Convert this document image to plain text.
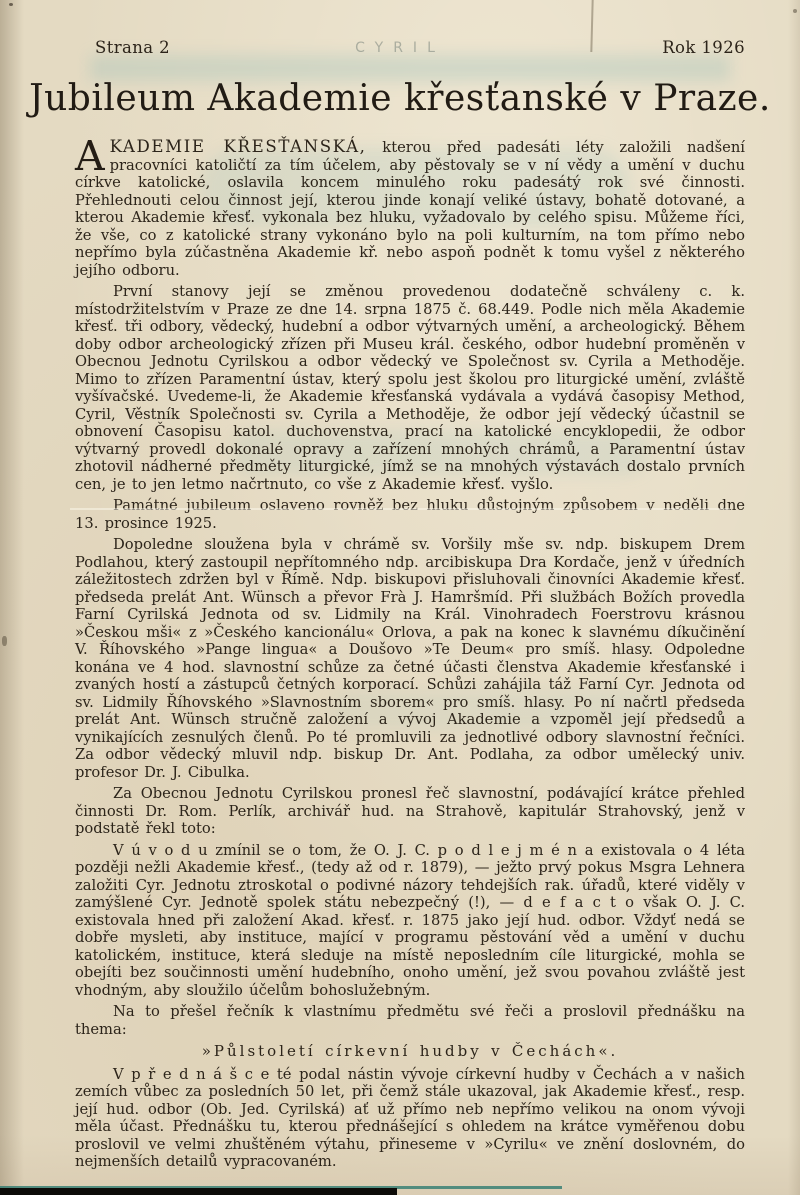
Strana 2	CYRIL	Rok 1926
Jubileum Akademie křesťanské v Praze.

AKADEMIE KŘESŤANSKÁ, kterou před padesáti léty založili nadšení pracovníci katoličtí za tím účelem, aby pěstovaly se v ní vědy a umění v duchu církve katolické, oslavila koncem minulého roku padesátý rok své činnosti. Přehlednouti celou činnost její, kterou jinde konají veliké ústavy, bohatě dotované, a kterou Akademie křesť. vykonala bez hluku, vyžadovalo by celého spisu. Můžeme říci, že vše, co z katolické strany vykonáno bylo na poli kulturním, na tom přímo nebo nepřímo byla zúčastněna Akademie kř. nebo aspoň podnět k tomu vyšel z některého jejího odboru.

První stanovy její se změnou provedenou dodatečně schváleny c. k. místodržitelstvím v Praze ze dne 14. srpna 1875 č. 68.449. Podle nich měla Akademie křesť. tři odbory, vědecký, hudební a odbor výtvarných umění, a archeologický. Během doby odbor archeologický zřízen při Museu král. českého, odbor hudební proměněn v Obecnou Jednotu Cyrilskou a odbor vědecký ve Společnost sv. Cyrila a Methoděje. Mimo to zřízen Paramentní ústav, který spolu jest školou pro liturgické umění, zvláště vyšívačské. Uvedeme-li, že Akademie křesťanská vydávala a vydává časopisy Method, Cyril, Věstník Společnosti sv. Cyrila a Methoděje, že odbor její vědecký účastnil se obnovení Časopisu katol. duchovenstva, prací na katolické encyklopedii, že odbor výtvarný provedl dokonalé opravy a zařízení mnohých chrámů, a Paramentní ústav zhotovil nádherné předměty liturgické, jímž se na mnohých výstavách dostalo prvních cen, je to jen letmo načrtnuto, co vše z Akademie křesť. vyšlo.

Památné jubileum oslaveno rovněž bez hluku důstojným způsobem v neděli dne 13. prosince 1925.

Dopoledne sloužena byla v chrámě sv. Voršily mše sv. ndp. biskupem Drem Podlahou, který zastoupil nepřítomného ndp. arcibiskupa Dra Kordače, jenž v úředních záležitostech zdržen byl v Římě. Ndp. biskupovi přisluhovali činovníci Akademie křesť. předseda prelát Ant. Wünsch a převor Frà J. Hamršmíd. Při službách Božích provedla Farní Cyrilská Jednota od sv. Lidmily na Král. Vinohradech Foerstrovu krásnou »Českou mši« z »Českého kancionálu« Orlova, a pak na konec k slavnému díkučinění V. Říhovského »Pange lingua« a Doušovo »Te Deum« pro smíš. hlasy. Odpoledne konána ve 4 hod. slavnostní schůze za četné účasti členstva Akademie křesťanské i zvaných hostí a zástupců četných korporací. Schůzi zahájila táž Farní Cyr. Jednota od sv. Lidmily Říhovského »Slavnostním sborem« pro smíš. hlasy. Po ní načrtl předseda prelát Ant. Wünsch stručně založení a vývoj Akademie a vzpoměl její předsedů a vynikajících zesnulých členů. Po té promluvili za jednotlivé odbory slavnostní řečníci. Za odbor vědecký mluvil ndp. biskup Dr. Ant. Podlaha, za odbor umělecký univ. profesor Dr. J. Cibulka.

Za Obecnou Jednotu Cyrilskou pronesl řeč slavnostní, podávající krátce přehled činnosti Dr. Rom. Perlík, archivář hud. na Strahově, kapitulár Strahovský, jenž v podstatě řekl toto:

V ú v o d u zmínil se o tom, že O. J. C. p o d l e j m é n a existovala o 4 léta později nežli Akademie křesť., (tedy až od r. 1879), — ježto prvý pokus Msgra Lehnera založiti Cyr. Jednotu ztroskotal o podivné názory tehdejších rak. úřadů, které viděly v zamýšlené Cyr. Jednotě spolek státu nebezpečný (!), — d e f a c t o však O. J. C. existovala hned při založení Akad. křesť. r. 1875 jako její hud. odbor. Vždyť nedá se dobře mysleti, aby instituce, mající v programu pěstování věd a umění v duchu katolickém, instituce, která sleduje na místě neposledním cíle liturgické, mohla se obejíti bez součinnosti umění hudebního, onoho umění, jež svou povahou zvláště jest vhodným, aby sloužilo účelům bohoslužebným.

Na to přešel řečník k vlastnímu předmětu své řeči a proslovil přednášku na thema:

»Půlstoletí církevní hudby v Čechách«.

V p ř e d n á š c e té podal nástin vývoje církevní hudby v Čechách a v našich zemích vůbec za posledních 50 let, při čemž stále ukazoval, jak Akademie křesť., resp. její hud. odbor (Ob. Jed. Cyrilská) ať už přímo neb nepřímo velikou na onom vývoji měla účast. Přednášku tu, kterou přednášející s ohledem na krátce vyměřenou dobu proslovil ve velmi zhuštěném výtahu, přineseme v »Cyrilu« ve znění doslovném, do nejmenších detailů vypracovaném.
